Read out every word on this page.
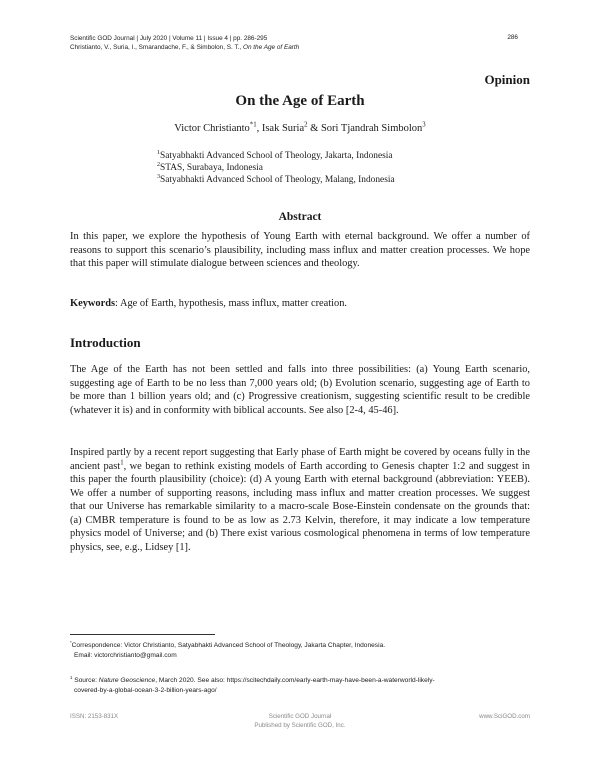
Scientific GOD Journal | July 2020 | Volume 11 | Issue 4 | pp. 286-295
Christianto, V., Suria, I., Smarandache, F., & Simbolon, S. T., On the Age of Earth
286
Opinion
On the Age of Earth
Victor Christianto$^{*1}$, Isak Suria$^2$ & Sori Tjandrah Simbolon$^3$
$^1$Satyabhakti Advanced School of Theology, Jakarta, Indonesia
$^2$STAS, Surabaya, Indonesia
$^3$Satyabhakti Advanced School of Theology, Malang, Indonesia
Abstract
In this paper, we explore the hypothesis of Young Earth with eternal background. We offer a number of reasons to support this scenario’s plausibility, including mass influx and matter creation processes. We hope that this paper will stimulate dialogue between sciences and theology.
Keywords: Age of Earth, hypothesis, mass influx, matter creation.
Introduction
The Age of the Earth has not been settled and falls into three possibilities: (a) Young Earth scenario, suggesting age of Earth to be no less than 7,000 years old; (b) Evolution scenario, suggesting age of Earth to be more than 1 billion years old; and (c) Progressive creationism, suggesting scientific result to be credible (whatever it is) and in conformity with biblical accounts. See also [2-4, 45-46].
Inspired partly by a recent report suggesting that Early phase of Earth might be covered by oceans fully in the ancient past$^1$, we began to rethink existing models of Earth according to Genesis chapter 1:2 and suggest in this paper the fourth plausibility (choice): (d) A young Earth with eternal background (abbreviation: YEEB). We offer a number of supporting reasons, including mass influx and matter creation processes. We suggest that our Universe has remarkable similarity to a macro-scale Bose-Einstein condensate on the grounds that: (a) CMBR temperature is found to be as low as 2.73 Kelvin, therefore, it may indicate a low temperature physics model of Universe; and (b) There exist various cosmological phenomena in terms of low temperature physics, see, e.g., Lidsey [1].
*Correspondence: Victor Christianto, Satyabhakti Advanced School of Theology, Jakarta Chapter, Indonesia.
Email: victorchristianto@gmail.com
$^1$ Source: Nature Geoscience, March 2020. See also: https://scitechdaily.com/early-earth-may-have-been-a-waterworld-likely-
covered-by-a-global-ocean-3-2-billion-years-ago/
ISSN: 2153-831X	Scientific GOD Journal
Published by Scientific GOD, Inc.
www.SciGOD.com
